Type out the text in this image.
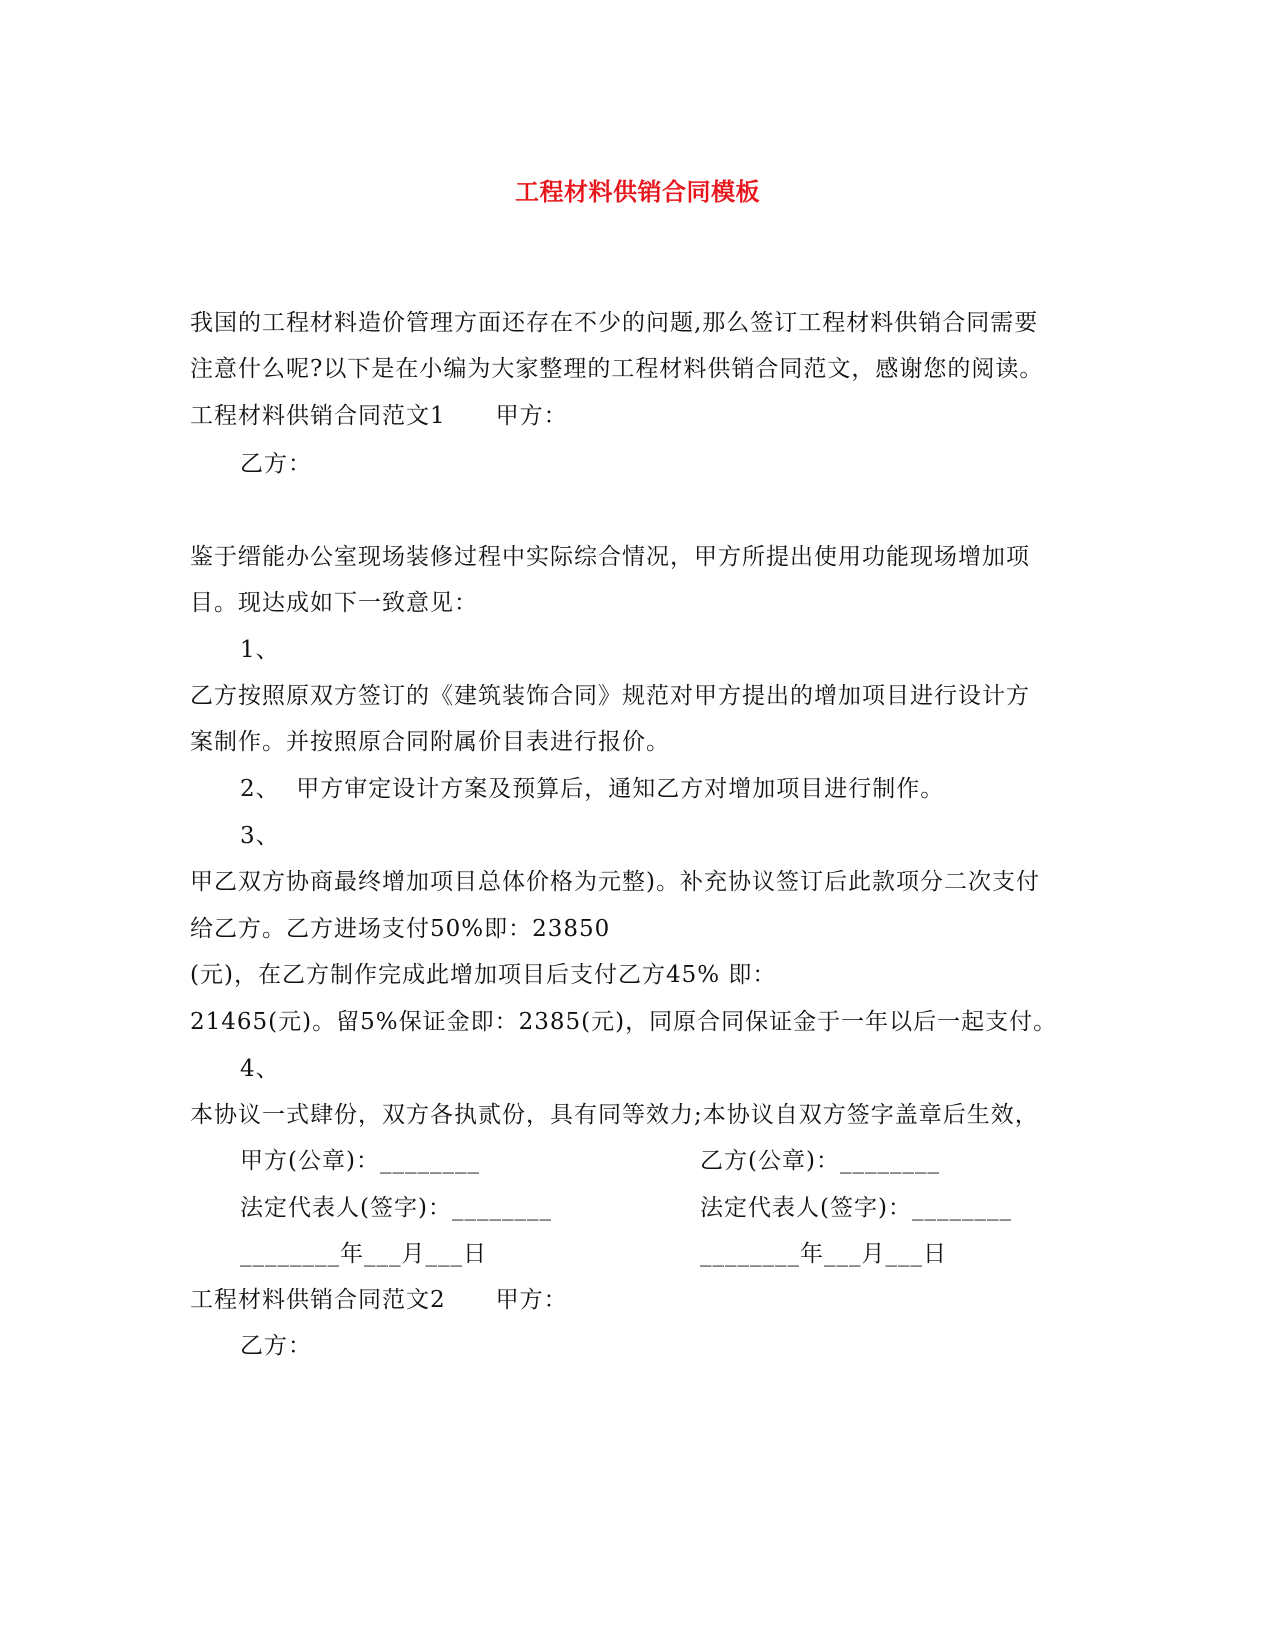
工程材料供销合同模板
我国的工程材料造价管理方面还存在不少的问题,那么签订工程材料供销合同需要
注意什么呢?以下是在小编为大家整理的工程材料供销合同范文，感谢您的阅读。
工程材料供销合同范文1 甲方：
乙方：
鉴于缙能办公室现场装修过程中实际综合情况，甲方所提出使用功能现场增加项
目。现达成如下一致意见：
1、
乙方按照原双方签订的《建筑装饰合同》规范对甲方提出的增加项目进行设计方
案制作。并按照原合同附属价目表进行报价。
2、  甲方审定设计方案及预算后，通知乙方对增加项目进行制作。
3、
甲乙双方协商最终增加项目总体价格为元整)。补充协议签订后此款项分二次支付
给乙方。乙方进场支付50%即：23850
(元)，在乙方制作完成此增加项目后支付乙方45% 即：
21465(元)。留5%保证金即：2385(元)，同原合同保证金于一年以后一起支付。
4、
本协议一式肆份，双方各执贰份，具有同等效力;本协议自双方签字盖章后生效，
甲方(公章)：________	乙方(公章)：________
法定代表人(签字)：________	法定代表人(签字)：________
________年___月___日	________年___月___日
工程材料供销合同范文2 甲方：
乙方：
